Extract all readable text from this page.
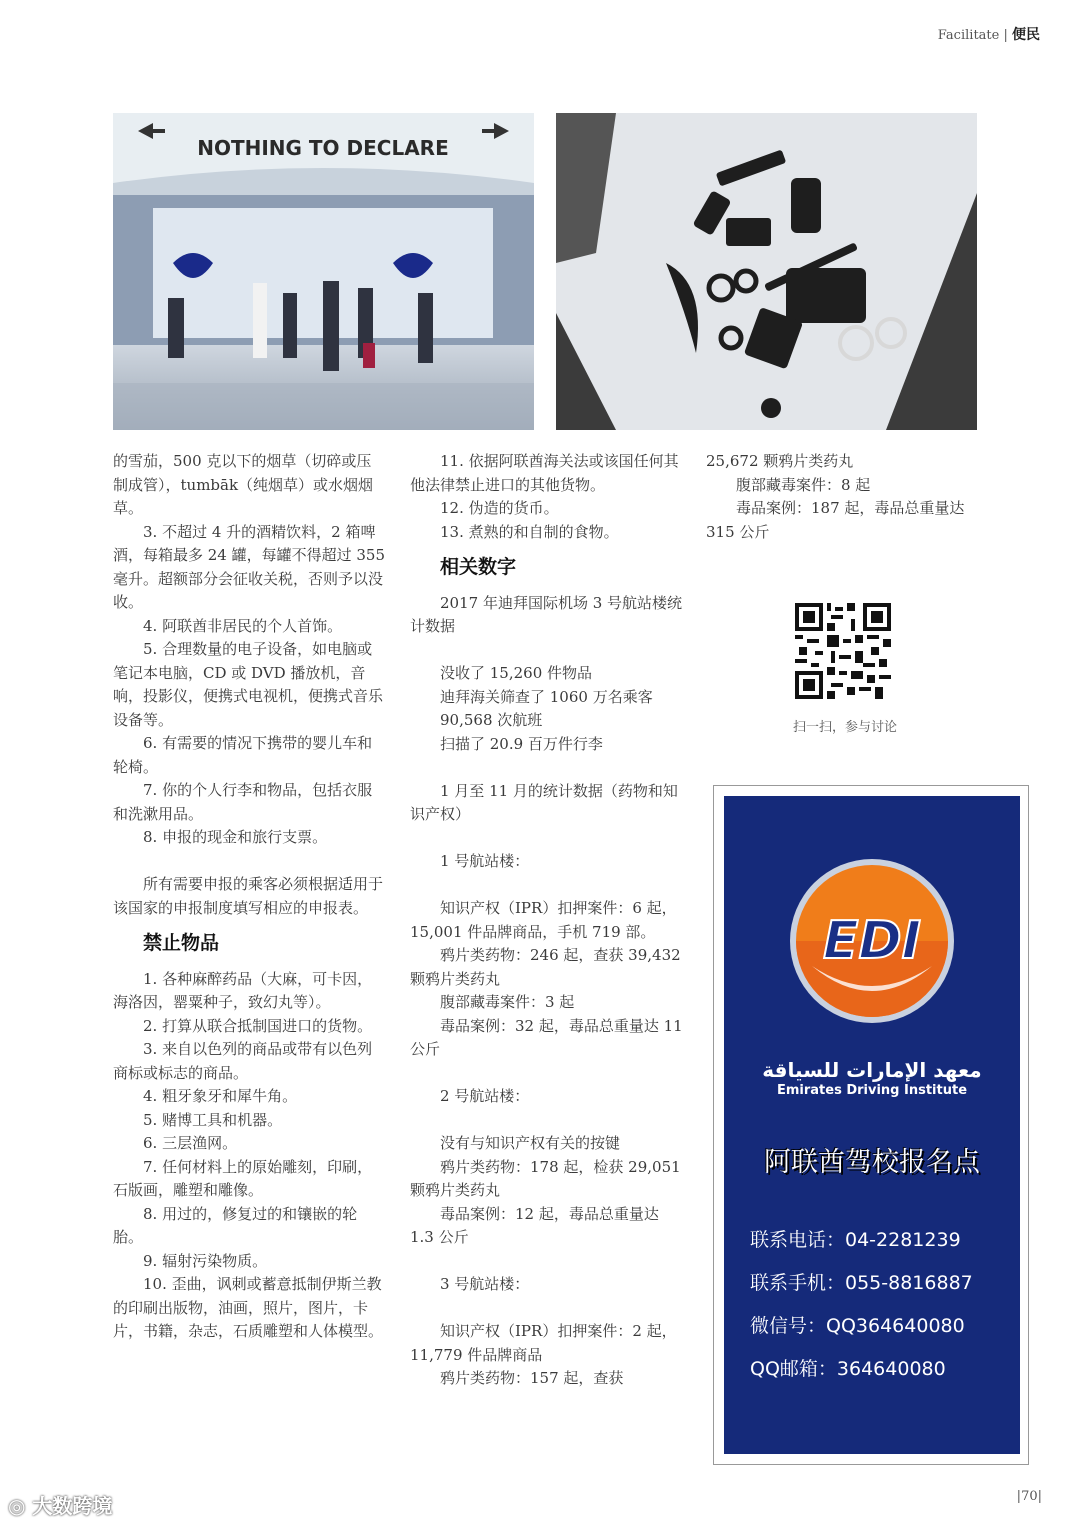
Facilitate | 便民
NOTHING TO DECLARE

的雪茄，500 克以下的烟草（切碎或压制成管），tumbāk（纯烟草）或水烟烟草。

3. 不超过 4 升的酒精饮料，2 箱啤酒，每箱最多 24 罐，每罐不得超过 355 毫升。超额部分会征收关税，否则予以没收。

4. 阿联酋非居民的个人首饰。

5. 合理数量的电子设备，如电脑或笔记本电脑，CD 或 DVD 播放机，音响，投影仪，便携式电视机，便携式音乐设备等。

6. 有需要的情况下携带的婴儿车和轮椅。

7. 你的个人行李和物品，包括衣服和洗漱用品。

8. 申报的现金和旅行支票。

所有需要申报的乘客必须根据适用于该国家的申报制度填写相应的申报表。

禁止物品

1. 各种麻醉药品（大麻，可卡因，海洛因，罂粟种子，致幻丸等）。

2. 打算从联合抵制国进口的货物。

3. 来自以色列的商品或带有以色列商标或标志的商品。

4. 粗牙象牙和犀牛角。

5. 赌博工具和机器。

6. 三层渔网。

7. 任何材料上的原始雕刻，印刷，石版画，雕塑和雕像。

8. 用过的，修复过的和镶嵌的轮胎。

9. 辐射污染物质。

10. 歪曲，讽刺或蓄意抵制伊斯兰教的印刷出版物，油画，照片，图片，卡片，书籍，杂志，石质雕塑和人体模型。

11. 依据阿联酋海关法或该国任何其他法律禁止进口的其他货物。

12. 伪造的货币。

13. 煮熟的和自制的食物。

相关数字

2017 年迪拜国际机场 3 号航站楼统计数据

没收了 15,260 件物品

迪拜海关筛查了 1060 万名乘客

90,568 次航班

扫描了 20.9 百万件行李

1 月至 11 月的统计数据（药物和知识产权）

1 号航站楼：

知识产权（IPR）扣押案件：6 起，15,001 件品牌商品，手机 719 部。

鸦片类药物：246 起，查获 39,432 颗鸦片类药丸

腹部藏毒案件：3 起

毒品案例：32 起，毒品总重量达 11 公斤

2 号航站楼：

没有与知识产权有关的按键

鸦片类药物：178 起，检获 29,051 颗鸦片类药丸

毒品案例：12 起，毒品总重量达 1.3 公斤

3 号航站楼：

知识产权（IPR）扣押案件：2 起，11,779 件品牌商品

鸦片类药物：157 起，查获

25,672 颗鸦片类药丸

腹部藏毒案件：8 起

毒品案例：187 起，毒品总重量达 315 公斤

扫一扫，参与讨论
EDI
معهد الإمارات للسياقة
Emirates Driving Institute
阿联酋驾校报名点
联系电话：04-2281239
联系手机：055-8816887
微信号：QQ364640080
QQ邮箱：364640080
|70|
◎ 大数跨境
